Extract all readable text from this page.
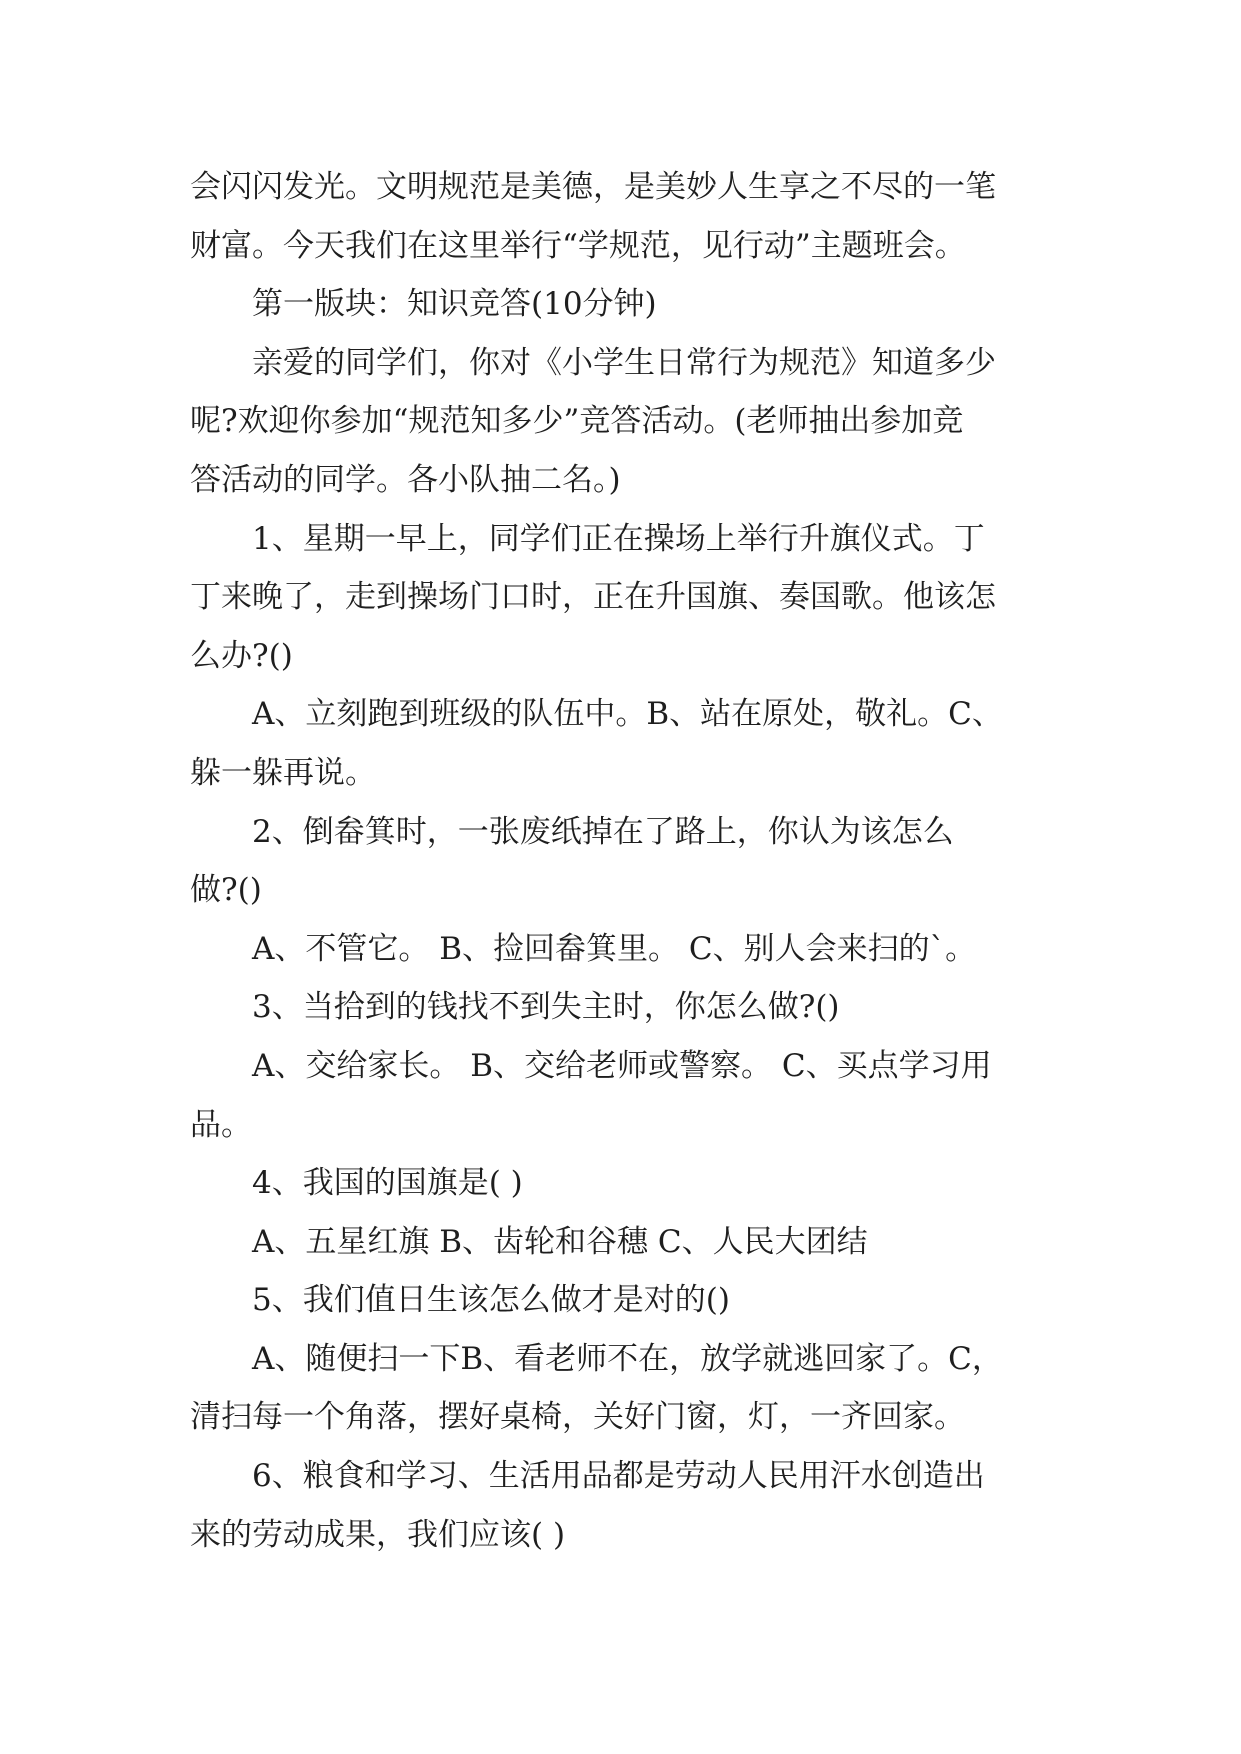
会闪闪发光。文明规范是美德，是美妙人生享之不尽的一笔
财富。今天我们在这里举行“学规范，见行动”主题班会。
第一版块：知识竞答(10分钟)
亲爱的同学们，你对《小学生日常行为规范》知道多少
呢?欢迎你参加“规范知多少”竞答活动。(老师抽出参加竞
答活动的同学。各小队抽二名。)
1、星期一早上，同学们正在操场上举行升旗仪式。丁
丁来晚了，走到操场门口时，正在升国旗、奏国歌。他该怎
么办?()
A、立刻跑到班级的队伍中。B、站在原处，敬礼。C、
躲一躲再说。
2、倒畚箕时，一张废纸掉在了路上，你认为该怎么
做?()
A、不管它。 B、捡回畚箕里。 C、别人会来扫的`。
3、当拾到的钱找不到失主时，你怎么做?()
A、交给家长。 B、交给老师或警察。 C、买点学习用
品。
4、我国的国旗是( )
A、五星红旗 B、齿轮和谷穗 C、人民大团结
5、我们值日生该怎么做才是对的()
A、随便扫一下B、看老师不在，放学就逃回家了。C，
清扫每一个角落，摆好桌椅，关好门窗，灯，一齐回家。
6、粮食和学习、生活用品都是劳动人民用汗水创造出
来的劳动成果，我们应该( )
